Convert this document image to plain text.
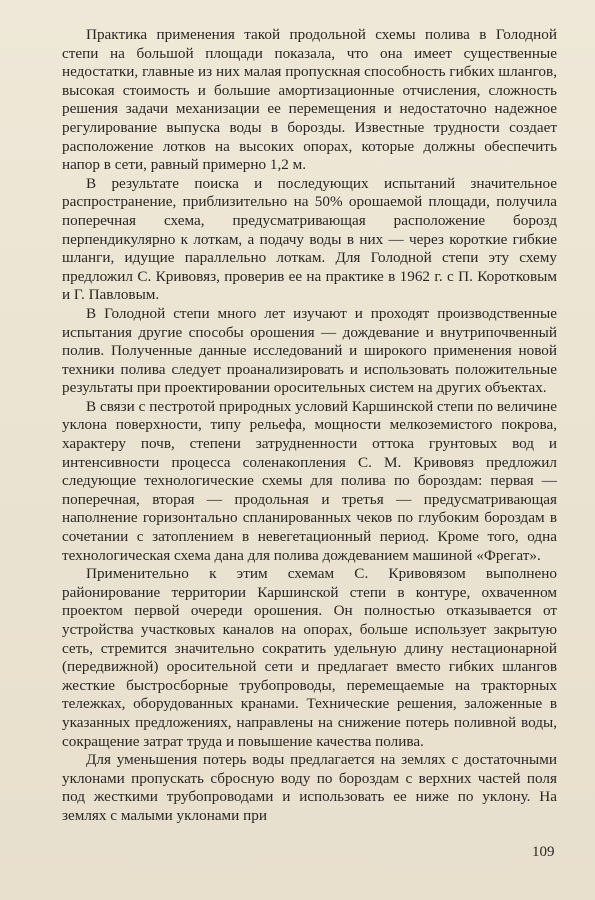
Практика применения такой продольной схемы полива в Голодной степи на большой площади показала, что она имеет существенные недостатки, главные из них малая пропускная способность гибких шлангов, высокая стоимость и большие амортизационные отчисления, сложность решения задачи механизации ее перемещения и недостаточно надежное регулирование выпуска воды в борозды. Известные трудности создает расположение лотков на высоких опорах, которые должны обеспечить напор в сети, равный примерно 1,2 м.

В результате поиска и последующих испытаний значительное распространение, приблизительно на 50% орошаемой площади, получила поперечная схема, предусматривающая расположение борозд перпендикулярно к лоткам, а подачу воды в них — через короткие гибкие шланги, идущие параллельно лоткам. Для Голодной степи эту схему предложил С. Кривовяз, проверив ее на практике в 1962 г. с П. Коротковым и Г. Павловым.

В Голодной степи много лет изучают и проходят производственные испытания другие способы орошения — дождевание и внутрипочвенный полив. Полученные данные исследований и широкого применения новой техники полива следует проанализировать и использовать положительные результаты при проектировании оросительных систем на других объектах.

В связи с пестротой природных условий Каршинской степи по величине уклона поверхности, типу рельефа, мощности мелкоземистого покрова, характеру почв, степени затрудненности оттока грунтовых вод и интенсивности процесса соленакопления С. М. Кривовяз предложил следующие технологические схемы для полива по бороздам: первая — поперечная, вторая — продольная и третья — предусматривающая наполнение горизонтально спланированных чеков по глубоким бороздам в сочетании с затоплением в невегетационный период. Кроме того, одна технологическая схема дана для полива дождеванием машиной «Фрегат».

Применительно к этим схемам С. Кривовязом выполнено районирование территории Каршинской степи в контуре, охваченном проектом первой очереди орошения. Он полностью отказывается от устройства участковых каналов на опорах, больше использует закрытую сеть, стремится значительно сократить удельную длину нестационарной (передвижной) оросительной сети и предлагает вместо гибких шлангов жесткие быстросборные трубопроводы, перемещаемые на тракторных тележках, оборудованных кранами. Технические решения, заложенные в указанных предложениях, направлены на снижение потерь поливной воды, сокращение затрат труда и повышение качества полива.

Для уменьшения потерь воды предлагается на землях с достаточными уклонами пропускать сбросную воду по бороздам с верхних частей поля под жесткими трубопроводами и использовать ее ниже по уклону. На землях с малыми уклонами при

109
